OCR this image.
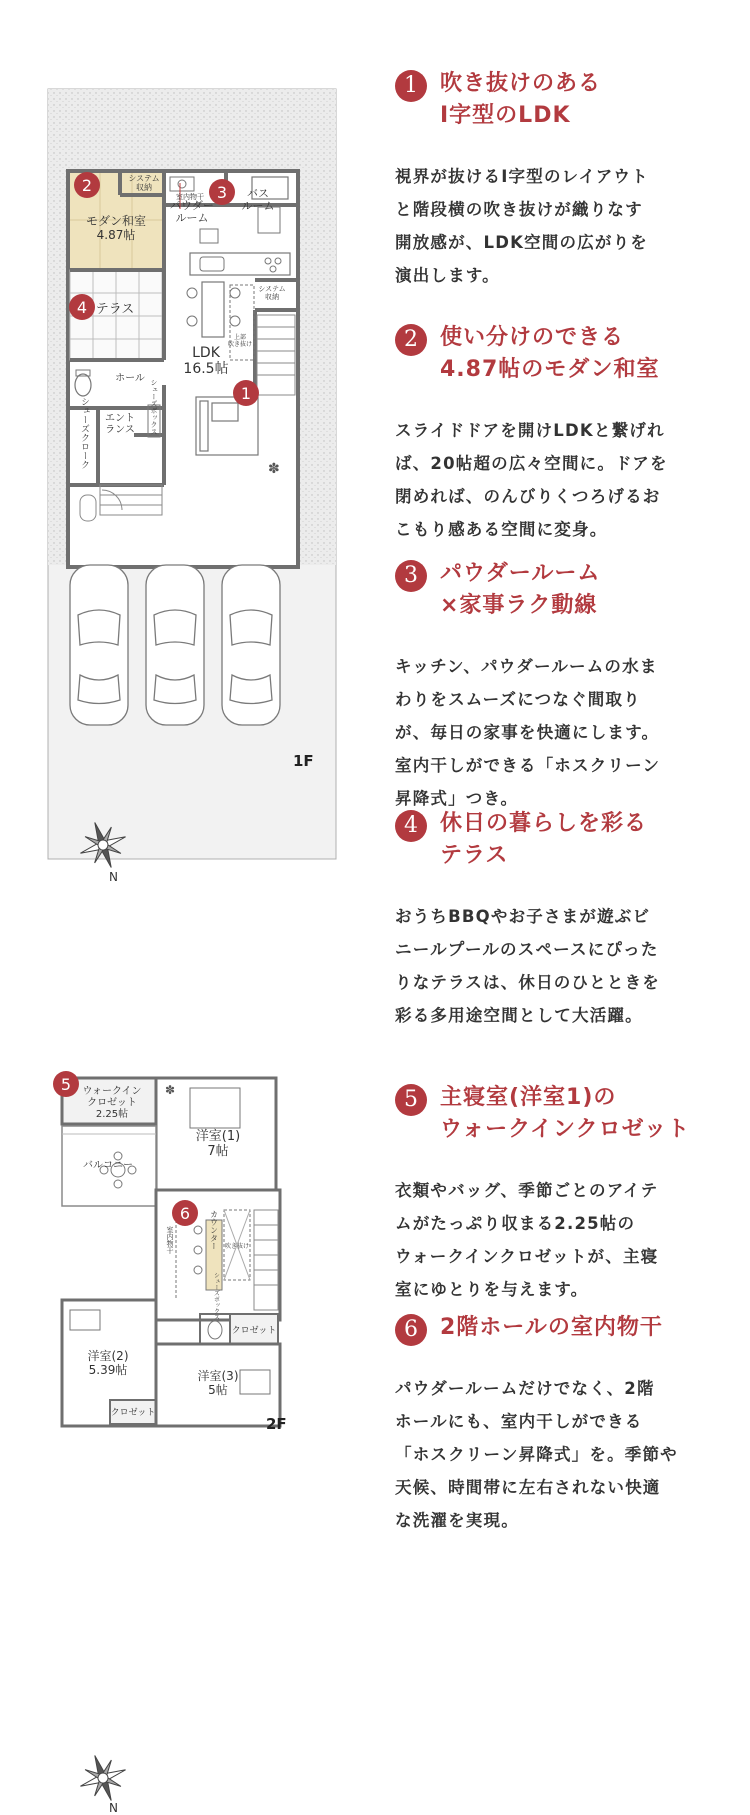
✽
システム収納
室内物干
パウダールーム
バスルーム
モダン和室 4.87帖
テラス
システム収納
上部吹き抜け
LDK 16.5帖
ホール
エントランス シューズボックス
シューズクローク
2	3
4
1
1F
N
✽
ウォークインクロゼット 2.25帖
洋室(1) 7帖
バルコニー
室内物干	カウンター 吹き抜け
シューズボックス
クロゼット
洋室(2) 5.39帖	洋室(3) 5帖
クロゼット
5
6
2F
N
1	吹き抜けのある
I字型のLDK
視界が抜けるI字型のレイアウト
と階段横の吹き抜けが織りなす
開放感が、LDK空間の広がりを
演出します。
2	使い分けのできる
4.87帖のモダン和室
スライドドアを開けLDKと繋げれ
ば、20帖超の広々空間に。ドアを
閉めれば、のんびりくつろげるお
こもり感ある空間に変身。
3	パウダールーム
×家事ラク動線
キッチン、パウダールームの水ま
わりをスムーズにつなぐ間取り
が、毎日の家事を快適にします。
室内干しができる「ホスクリーン
昇降式」つき。
4	休日の暮らしを彩る
テラス
おうちBBQやお子さまが遊ぶビ
ニールプールのスペースにぴった
りなテラスは、休日のひとときを
彩る多用途空間として大活躍。
5	主寝室(洋室1)の
ウォークインクロゼット
衣類やバッグ、季節ごとのアイテ
ムがたっぷり収まる2.25帖の
ウォークインクロゼットが、主寝
室にゆとりを与えます。
6	2階ホールの室内物干
パウダールームだけでなく、2階
ホールにも、室内干しができる
「ホスクリーン昇降式」を。季節や
天候、時間帯に左右されない快適
な洗濯を実現。
